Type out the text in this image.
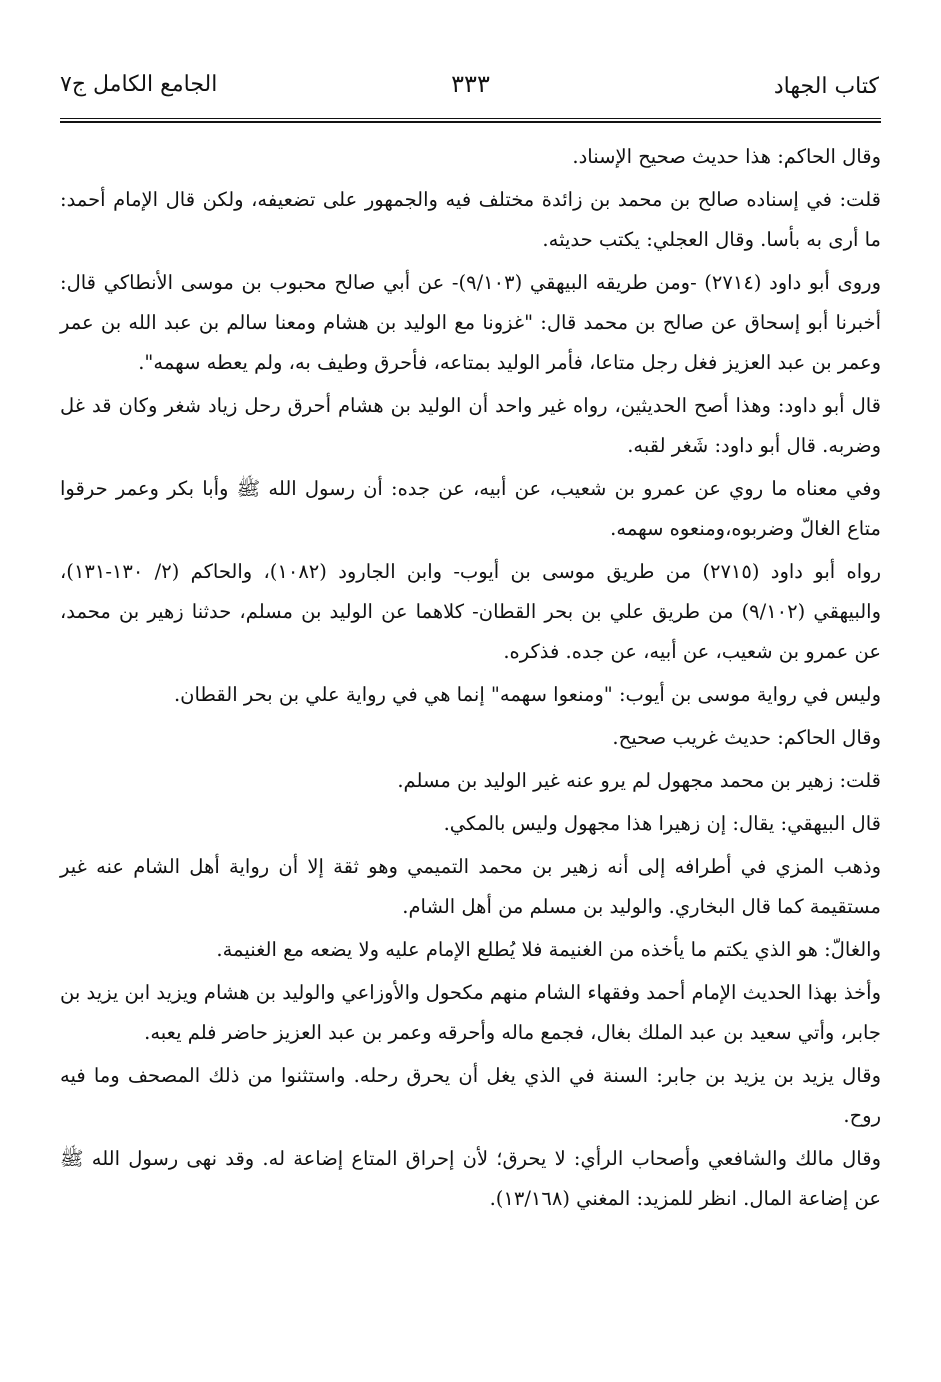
كتاب الجهاد
٣٣٣
الجامع الكامل ج٧

وقال الحاكم: هذا حديث صحيح الإسناد.

قلت: في إسناده صالح بن محمد بن زائدة مختلف فيه والجمهور على تضعيفه، ولكن قال الإمام أحمد: ما أرى به بأسا. وقال العجلي: يكتب حديثه.

وروى أبو داود (٢٧١٤) -ومن طريقه البيهقي (٩/١٠٣)- عن أبي صالح محبوب بن موسى الأنطاكي قال: أخبرنا أبو إسحاق عن صالح بن محمد قال: "غزونا مع الوليد بن هشام ومعنا سالم بن عبد الله بن عمر وعمر بن عبد العزيز فغل رجل متاعا، فأمر الوليد بمتاعه، فأحرق وطيف به، ولم يعطه سهمه".

قال أبو داود: وهذا أصح الحديثين، رواه غير واحد أن الوليد بن هشام أحرق رحل زياد شغر وكان قد غل وضربه. قال أبو داود: شَغر لقبه.

وفي معناه ما روي عن عمرو بن شعيب، عن أبيه، عن جده: أن رسول الله ﷺ وأبا بكر وعمر حرقوا متاع الغالّ وضربوه،ومنعوه سهمه.

رواه أبو داود (٢٧١٥) من طريق موسى بن أيوب- وابن الجارود (١٠٨٢)، والحاكم (٢/ ١٣٠-١٣١)، والبيهقي (٩/١٠٢) من طريق علي بن بحر القطان- كلاهما عن الوليد بن مسلم، حدثنا زهير بن محمد، عن عمرو بن شعيب، عن أبيه، عن جده. فذكره.

وليس في رواية موسى بن أيوب: "ومنعوا سهمه" إنما هي في رواية علي بن بحر القطان.

وقال الحاكم: حديث غريب صحيح.

قلت: زهير بن محمد مجهول لم يرو عنه غير الوليد بن مسلم.

قال البيهقي: يقال: إن زهيرا هذا مجهول وليس بالمكي.

وذهب المزي في أطرافه إلى أنه زهير بن محمد التميمي وهو ثقة إلا أن رواية أهل الشام عنه غير مستقيمة كما قال البخاري. والوليد بن مسلم من أهل الشام.

والغالّ: هو الذي يكتم ما يأخذه من الغنيمة فلا يُطلع الإمام عليه ولا يضعه مع الغنيمة.

وأخذ بهذا الحديث الإمام أحمد وفقهاء الشام منهم مكحول والأوزاعي والوليد بن هشام ويزيد ابن يزيد بن جابر، وأتي سعيد بن عبد الملك بغال، فجمع ماله وأحرقه وعمر بن عبد العزيز حاضر فلم يعبه.

وقال يزيد بن يزيد بن جابر: السنة في الذي يغل أن يحرق رحله. واستثنوا من ذلك المصحف وما فيه روح.

وقال مالك والشافعي وأصحاب الرأي: لا يحرق؛ لأن إحراق المتاع إضاعة له. وقد نهى رسول الله ﷺ عن إضاعة المال. انظر للمزيد: المغني (١٣/١٦٨).
